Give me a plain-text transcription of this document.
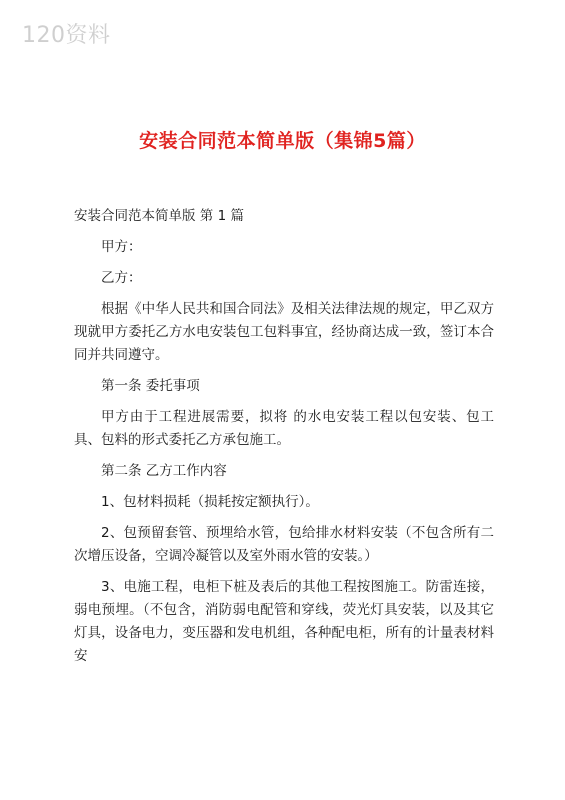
120资料
安装合同范本简单版（集锦5篇）

安装合同范本简单版 第 1 篇

甲方：

乙方：

根据《中华人民共和国合同法》及相关法律法规的规定，甲乙双方现就甲方委托乙方水电安装包工包料事宜，经协商达成一致，签订本合同并共同遵守。

第一条 委托事项

甲方由于工程进展需要，拟将 的水电安装工程以包安装、包工具、包料的形式委托乙方承包施工。

第二条 乙方工作内容

1、包材料损耗（损耗按定额执行）。

2、包预留套管、预埋给水管，包给排水材料安装（不包含所有二次增压设备，空调冷凝管以及室外雨水管的安装。）

3、电施工程，电柜下桩及表后的其他工程按图施工。防雷连接，弱电预埋。（不包含，消防弱电配管和穿线，荧光灯具安装，以及其它灯具，设备电力，变压器和发电机组，各种配电柜，所有的计量表材料安
